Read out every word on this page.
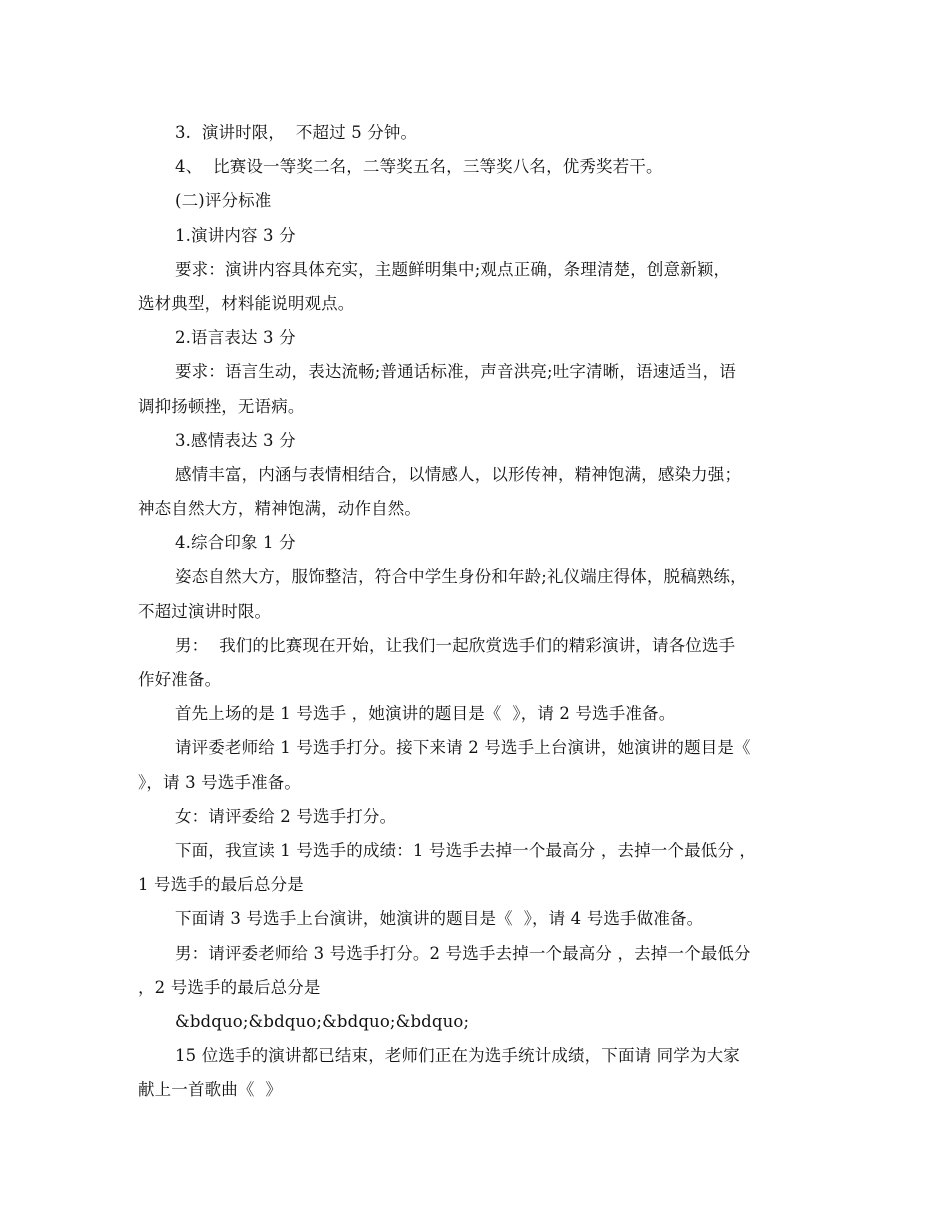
3.  演讲时限，  不超过 5 分钟。
4、  比赛设一等奖二名，二等奖五名，三等奖八名，优秀奖若干。
(二)评分标准
1.演讲内容 3 分
要求：演讲内容具体充实，主题鲜明集中;观点正确，条理清楚，创意新颖，
选材典型，材料能说明观点。
2.语言表达 3 分
要求：语言生动，表达流畅;普通话标准，声音洪亮;吐字清晰，语速适当，语
调抑扬顿挫，无语病。
3.感情表达 3 分
感情丰富，内涵与表情相结合，以情感人，以形传神，精神饱满，感染力强；
神态自然大方，精神饱满，动作自然。
4.综合印象 1 分
姿态自然大方，服饰整洁，符合中学生身份和年龄;礼仪端庄得体，脱稿熟练，
不超过演讲时限。
男：  我们的比赛现在开始，让我们一起欣赏选手们的精彩演讲，请各位选手
作好准备。
首先上场的是 1 号选手 ，她演讲的题目是《  》，请 2 号选手准备。
请评委老师给 1 号选手打分。接下来请 2 号选手上台演讲，她演讲的题目是《
》，请 3 号选手准备。
女：请评委给 2 号选手打分。
下面，我宣读 1 号选手的成绩：1 号选手去掉一个最高分 ，去掉一个最低分 ，
1 号选手的最后总分是
下面请 3 号选手上台演讲，她演讲的题目是《  》，请 4 号选手做准备。
男：请评委老师给 3 号选手打分。2 号选手去掉一个最高分 ，去掉一个最低分
，2 号选手的最后总分是
&bdquo;&bdquo;&bdquo;&bdquo;
15 位选手的演讲都已结束，老师们正在为选手统计成绩，下面请 同学为大家
献上一首歌曲《  》
